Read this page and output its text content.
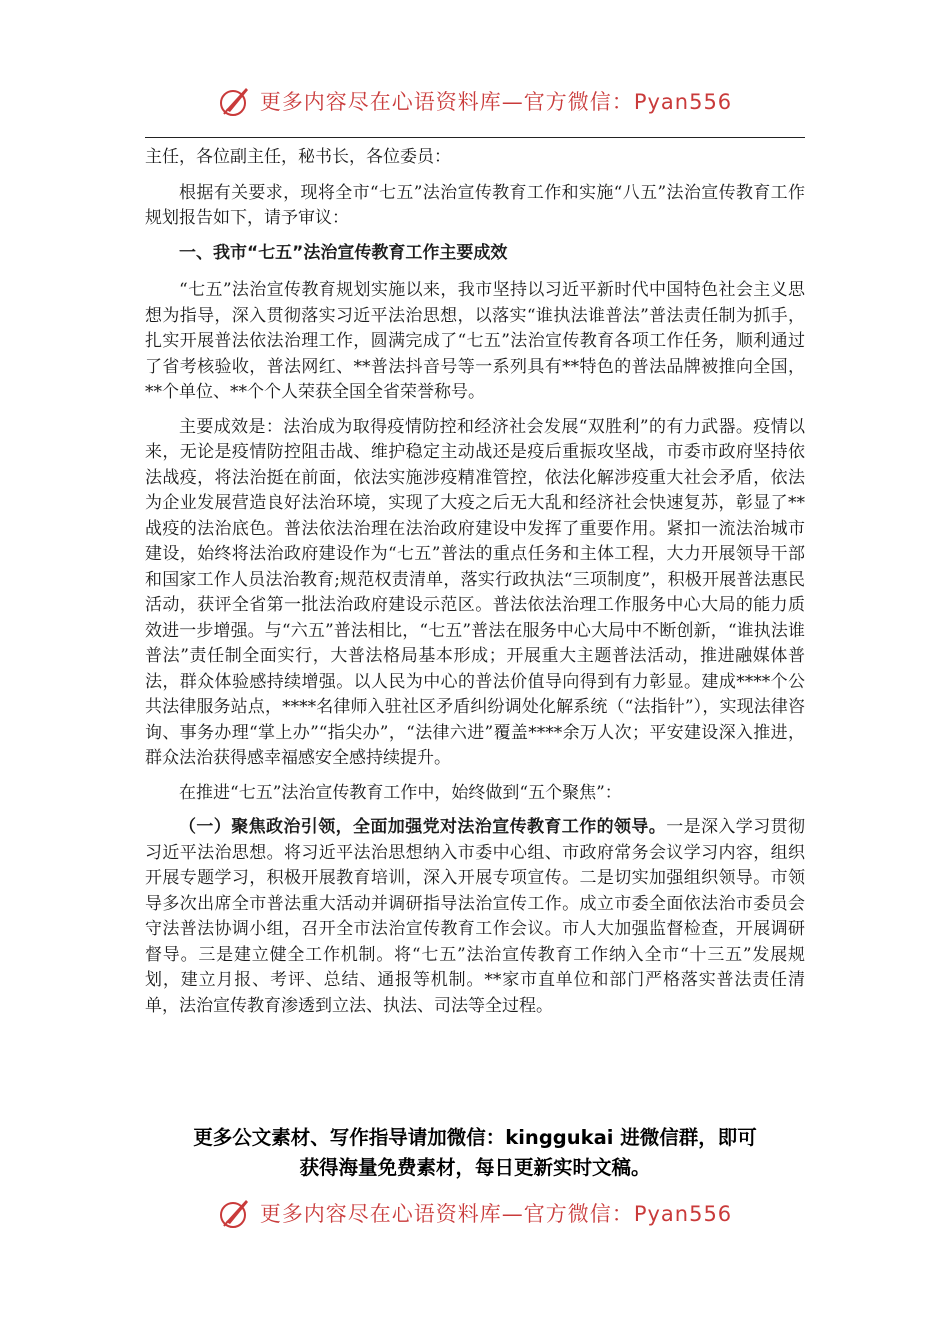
更多内容尽在心语资料库—官方微信：Pyan556

主任，各位副主任，秘书长，各位委员：

根据有关要求，现将全市“七五”法治宣传教育工作和实施“八五”法治宣传教育工作规划报告如下，请予审议：

一、我市“七五”法治宣传教育工作主要成效

“七五”法治宣传教育规划实施以来，我市坚持以习近平新时代中国特色社会主义思想为指导，深入贯彻落实习近平法治思想，以落实“谁执法谁普法”普法责任制为抓手，扎实开展普法依法治理工作，圆满完成了“七五”法治宣传教育各项工作任务，顺利通过了省考核验收，普法网红、**普法抖音号等一系列具有**特色的普法品牌被推向全国，**个单位、**个个人荣获全国全省荣誉称号。

主要成效是：法治成为取得疫情防控和经济社会发展“双胜利”的有力武器。疫情以来，无论是疫情防控阻击战、维护稳定主动战还是疫后重振攻坚战，市委市政府坚持依法战疫，将法治挺在前面，依法实施涉疫精准管控，依法化解涉疫重大社会矛盾，依法为企业发展营造良好法治环境，实现了大疫之后无大乱和经济社会快速复苏，彰显了**战疫的法治底色。普法依法治理在法治政府建设中发挥了重要作用。紧扣一流法治城市建设，始终将法治政府建设作为“七五”普法的重点任务和主体工程，大力开展领导干部和国家工作人员法治教育;规范权责清单，落实行政执法“三项制度”，积极开展普法惠民活动，获评全省第一批法治政府建设示范区。普法依法治理工作服务中心大局的能力质效进一步增强。与“六五”普法相比，“七五”普法在服务中心大局中不断创新，“谁执法谁普法”责任制全面实行，大普法格局基本形成；开展重大主题普法活动，推进融媒体普法，群众体验感持续增强。以人民为中心的普法价值导向得到有力彰显。建成****个公共法律服务站点，****名律师入驻社区矛盾纠纷调处化解系统（“法指针”），实现法律咨询、事务办理“掌上办”“指尖办”，“法律六进”覆盖****余万人次；平安建设深入推进，群众法治获得感幸福感安全感持续提升。

在推进“七五”法治宣传教育工作中，始终做到“五个聚焦”：

（一）聚焦政治引领，全面加强党对法治宣传教育工作的领导。一是深入学习贯彻习近平法治思想。将习近平法治思想纳入市委中心组、市政府常务会议学习内容，组织开展专题学习，积极开展教育培训，深入开展专项宣传。二是切实加强组织领导。市领导多次出席全市普法重大活动并调研指导法治宣传工作。成立市委全面依法治市委员会守法普法协调小组，召开全市法治宣传教育工作会议。市人大加强监督检查，开展调研督导。三是建立健全工作机制。将“七五”法治宣传教育工作纳入全市“十三五”发展规划，建立月报、考评、总结、通报等机制。**家市直单位和部门严格落实普法责任清单，法治宣传教育渗透到立法、执法、司法等全过程。

更多公文素材、写作指导请加微信：kinggukai 进微信群，即可
获得海量免费素材，每日更新实时文稿。
更多内容尽在心语资料库—官方微信：Pyan556
